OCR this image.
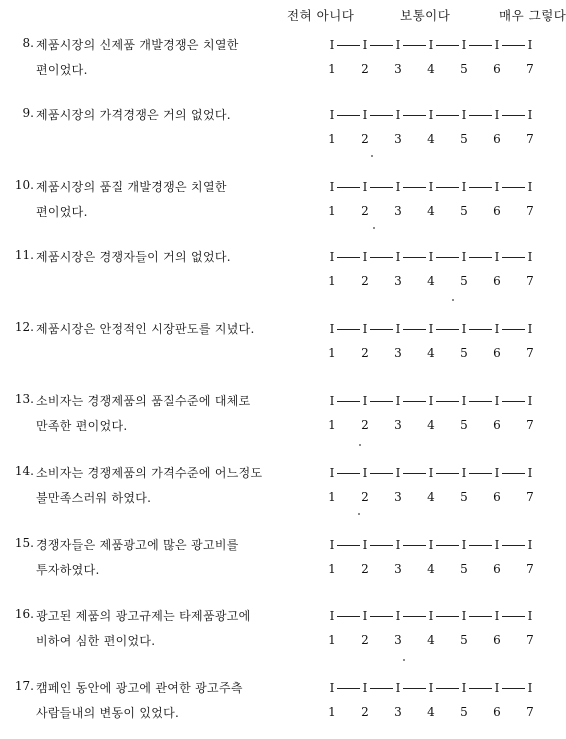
전혀 아니다	보통이다	매우 그렇다
8. 제품시장의 신제품 개발경쟁은 치열한
편이었다.
I I I I I I I
1 2 3 4 5 6 7
9. 제품시장의 가격경쟁은 거의 없었다.	I I I I I I I
1 2 3 4 5 6 7
10. 제품시장의 품질 개발경쟁은 치열한
편이었다.
I I I I I I I
1 2 3 4 5 6 7
11. 제품시장은 경쟁자들이 거의 없었다.	I I I I I I I
1 2 3 4 5 6 7
12. 제품시장은 안정적인 시장판도를 지녔다.	I I I I I I I
1 2 3 4 5 6 7
13. 소비자는 경쟁제품의 품질수준에 대체로
만족한 편이었다.
I I I I I I I
1 2 3 4 5 6 7
14. 소비자는 경쟁제품의 가격수준에 어느정도
불만족스러워 하였다.
I I I I I I I
1 2 3 4 5 6 7
15. 경쟁자들은 제품광고에 많은 광고비를
투자하였다.
I I I I I I I
1 2 3 4 5 6 7
16. 광고된 제품의 광고규제는 타제품광고에
비하여 심한 편이었다.
I I I I I I I
1 2 3 4 5 6 7
17. 캠페인 동안에 광고에 관여한 광고주측
사람들내의 변동이 있었다.
I I I I I I I
1 2 3 4 5 6 7
